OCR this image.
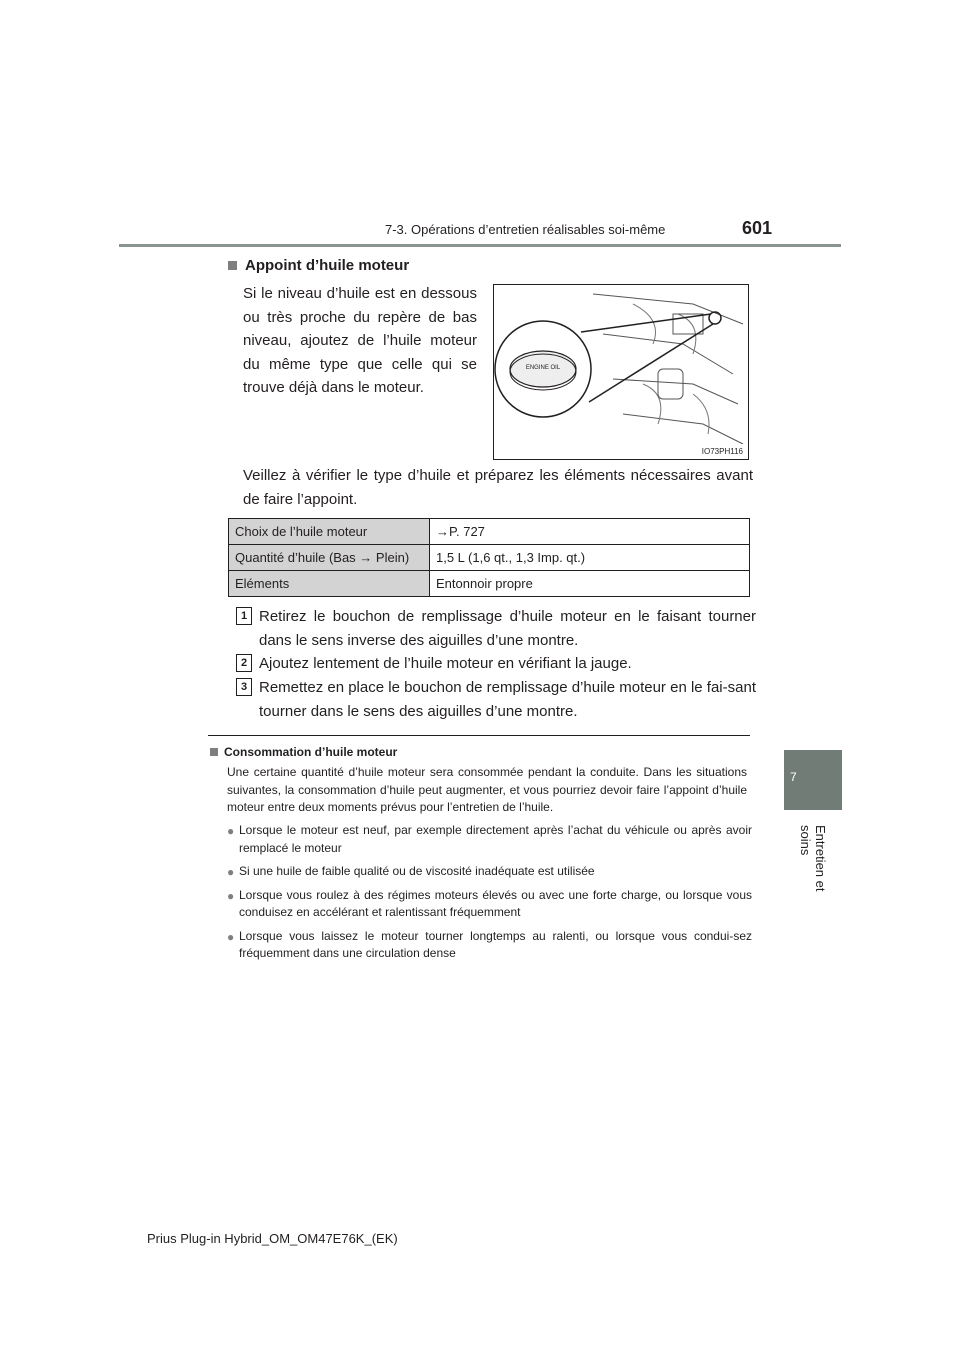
7-3. Opérations d’entretien réalisables soi-même	601
7
Entretien et soins
Appoint d’huile moteur
Si le niveau d’huile est en dessous ou très proche du repère de bas niveau, ajoutez de l’huile moteur du même type que celle qui se trouve déjà dans le moteur.
ENGINE OIL
IO73PH116
Veillez à vérifier le type d’huile et préparez les éléments nécessaires avant de faire l’appoint.
Choix de l’huile moteur	→P. 727
Quantité d’huile (Bas → Plein)	1,5 L (1,6 qt., 1,3 Imp. qt.)
Eléments	Entonnoir propre
1 Retirez le bouchon de remplissage d’huile moteur en le faisant tourner dans le sens inverse des aiguilles d’une montre.
2 Ajoutez lentement de l’huile moteur en vérifiant la jauge.
3 Remettez en place le bouchon de remplissage d’huile moteur en le fai-sant tourner dans le sens des aiguilles d’une montre.
Consommation d’huile moteur
Une certaine quantité d’huile moteur sera consommée pendant la conduite. Dans les situations suivantes, la consommation d’huile peut augmenter, et vous pourriez devoir faire l’appoint d’huile moteur entre deux moments prévus pour l’entretien de l’huile.
● Lorsque le moteur est neuf, par exemple directement après l’achat du véhicule ou après avoir remplacé le moteur
● Si une huile de faible qualité ou de viscosité inadéquate est utilisée
● Lorsque vous roulez à des régimes moteurs élevés ou avec une forte charge, ou lorsque vous conduisez en accélérant et ralentissant fréquemment
● Lorsque vous laissez le moteur tourner longtemps au ralenti, ou lorsque vous condui-sez fréquemment dans une circulation dense
Prius Plug-in Hybrid_OM_OM47E76K_(EK)
